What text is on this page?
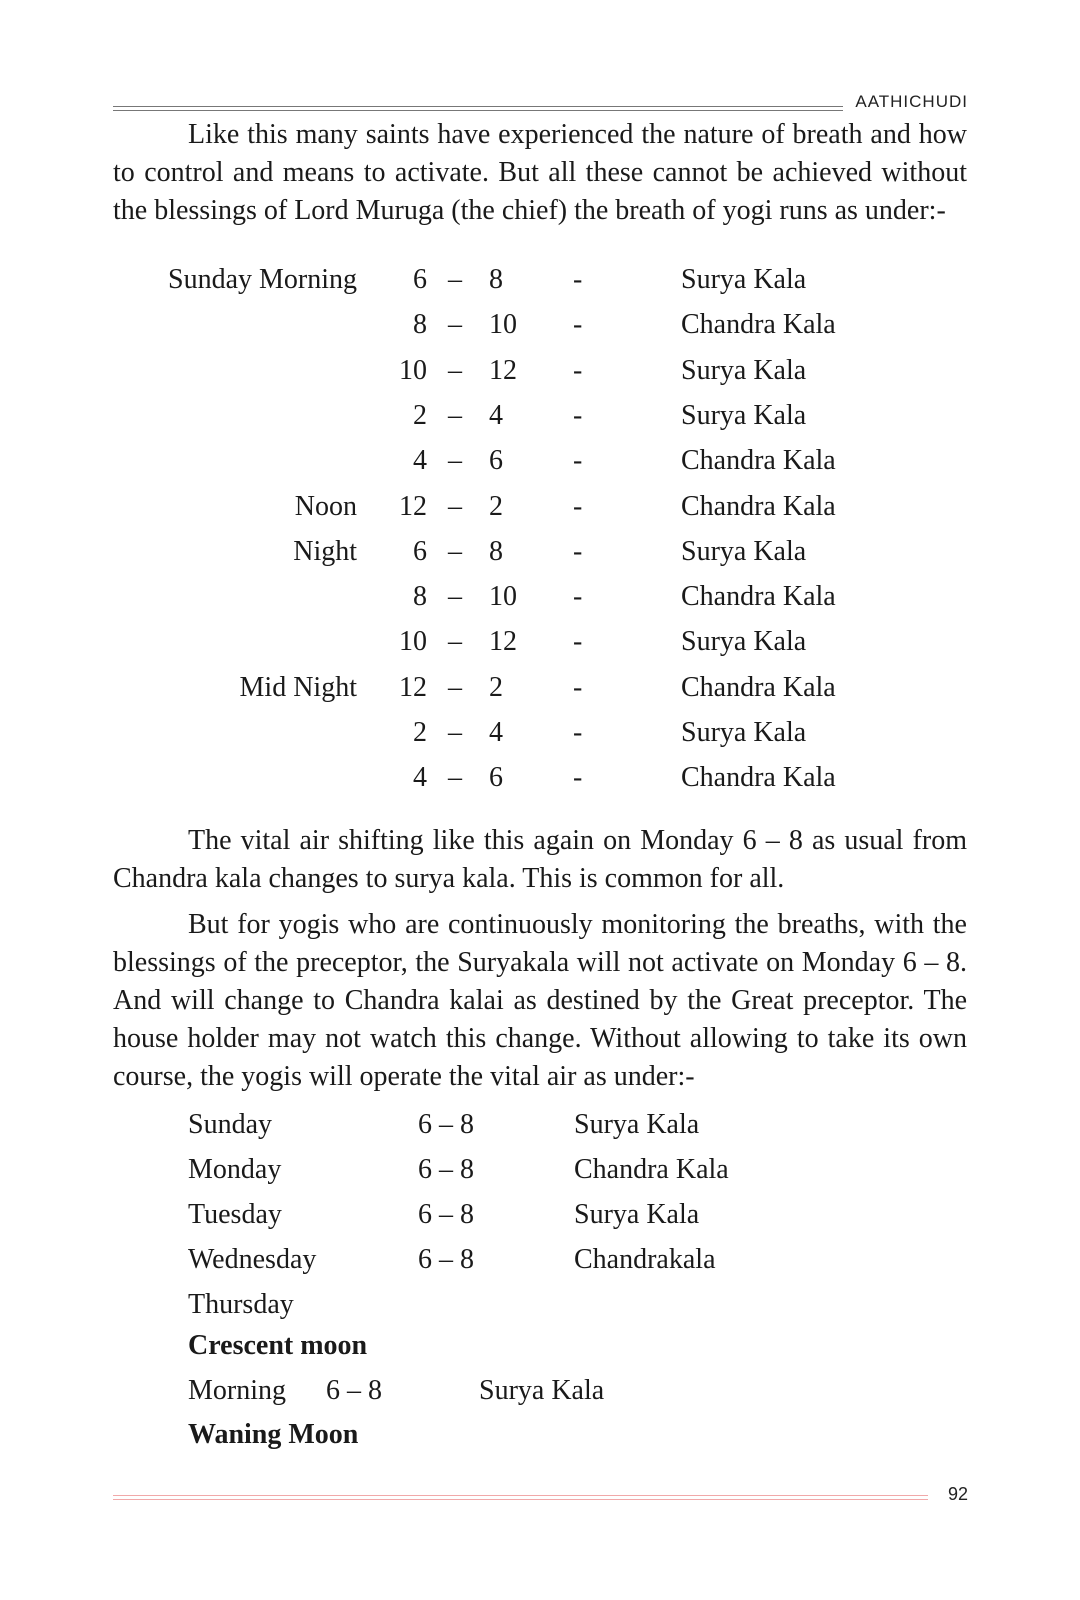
AATHICHUDI

Like this many saints have experienced the nature of breath and how to control and means to activate. But all these cannot be achieved without the blessings of Lord Muruga (the chief) the breath of yogi runs as under:-

Sunday Morning 6 – 8	-	Surya Kala
8 – 10 -	Chandra Kala
10 – 12 -	Surya Kala
2 – 4	-	Surya Kala
4 – 6	-	Chandra Kala
Noon 12 – 2	-	Chandra Kala
Night 6 – 8	-	Surya Kala
8 – 10 -	Chandra Kala
10 – 12 -	Surya Kala
Mid Night 12 – 2	-	Chandra Kala
2 – 4	-	Surya Kala
4 – 6	-	Chandra Kala

The vital air shifting like this again on Monday 6 – 8 as usual from Chandra kala changes to surya kala. This is common for all.

But for yogis who are continuously monitoring the breaths, with the blessings of the preceptor, the Suryakala will not activate on Monday 6 – 8. And will change to Chandra kalai as destined by the Great preceptor. The house holder may not watch this change. Without allowing to take its own course, the yogis will operate the vital air as under:-

Sunday	6 – 8	Surya Kala
Monday	6 – 8	Chandra Kala
Tuesday	6 – 8	Surya Kala
Wednesday	6 – 8	Chandrakala
Thursday
Crescent moon
Morning 6 – 8	Surya Kala
Waning Moon
92
